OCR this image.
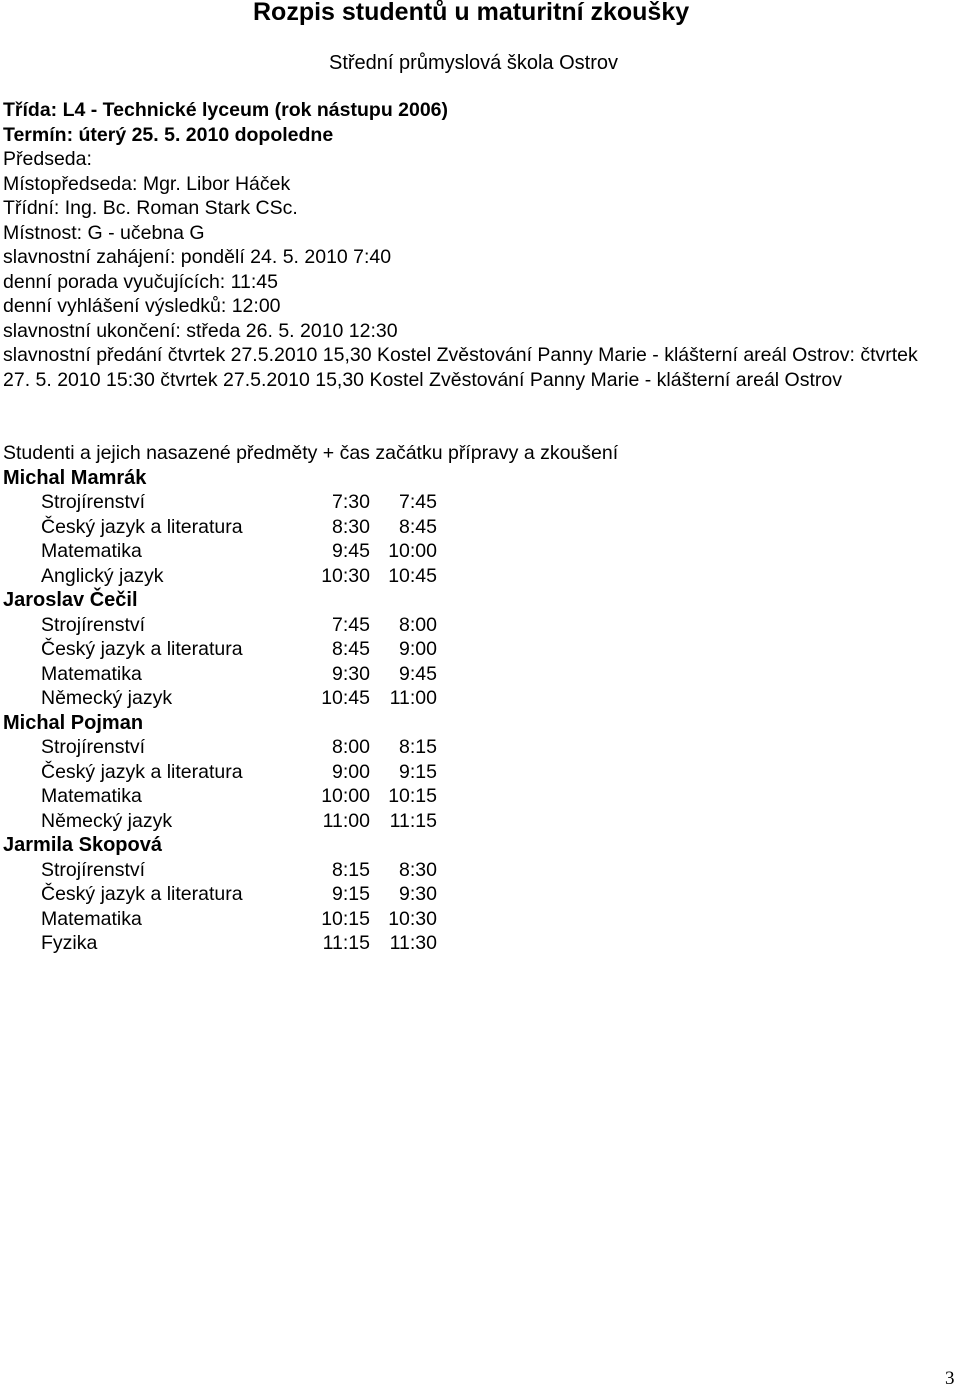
Rozpis studentů u maturitní zkoušky
Střední průmyslová škola Ostrov
Třída: L4 - Technické lyceum (rok nástupu 2006)
Termín: úterý 25. 5. 2010 dopoledne
Předseda:
Místopředseda: Mgr. Libor Háček
Třídní: Ing. Bc. Roman Stark CSc.
Místnost: G - učebna G
slavnostní zahájení: pondělí 24. 5. 2010 7:40
denní porada vyučujících: 11:45
denní vyhlášení výsledků: 12:00
slavnostní ukončení: středa 26. 5. 2010 12:30
slavnostní předání čtvrtek 27.5.2010 15,30 Kostel Zvěstování Panny Marie - klášterní areál Ostrov: čtvrtek 27. 5. 2010 15:30 čtvrtek 27.5.2010 15,30 Kostel Zvěstování Panny Marie - klášterní areál Ostrov
Studenti a jejich nasazené předměty + čas začátku přípravy a zkoušení
Michal Mamrák
Strojírenství	7:30 7:45
Český jazyk a literatura	8:30 8:45
Matematika	9:45 10:00
Anglický jazyk	10:30 10:45
Jaroslav Čečil
Strojírenství	7:45 8:00
Český jazyk a literatura	8:45 9:00
Matematika	9:30 9:45
Německý jazyk	10:45 11:00
Michal Pojman
Strojírenství	8:00 8:15
Český jazyk a literatura	9:00 9:15
Matematika	10:00 10:15
Německý jazyk	11:00 11:15
Jarmila Skopová
Strojírenství	8:15 8:30
Český jazyk a literatura	9:15 9:30
Matematika	10:15 10:30
Fyzika	11:15 11:30
3
